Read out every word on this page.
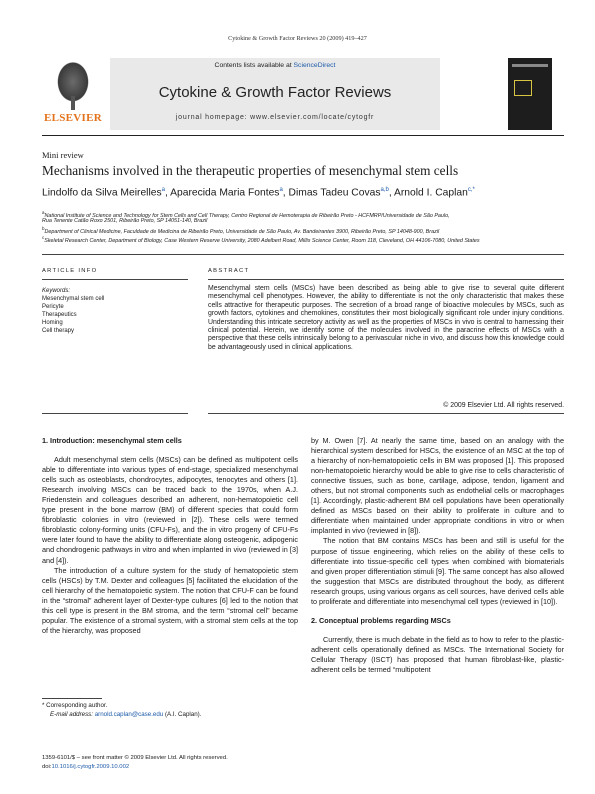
Cytokine & Growth Factor Reviews 20 (2009) 419–427
ELSEVIER
Contents lists available at ScienceDirect
Cytokine & Growth Factor Reviews
journal homepage: www.elsevier.com/locate/cytogfr
Mini review
Mechanisms involved in the therapeutic properties of mesenchymal stem cells
Lindolfo da Silva Meirelles$^a$, Aparecida Maria Fontes$^a$, Dimas Tadeu Covas$^{a,b}$, Arnold I. Caplan$^{c,*}$
$^a$National Institute of Science and Technology for Stem Cells and Cell Therapy, Centro Regional de Hemoterapia de Ribeirão Preto - HCFMRP/Universidade de São Paulo,
Rua Tenente Catão Roxo 2501, Ribeirão Preto, SP 14051-140, Brazil
$^b$Department of Clinical Medicine, Faculdade de Medicina de Ribeirão Preto, Universidade de São Paulo, Av. Bandeirantes 3900, Ribeirão Preto, SP 14048-900, Brazil
$^c$Skeletal Research Center, Department of Biology, Case Western Reserve University, 2080 Adelbert Road, Millis Science Center, Room 118, Cleveland, OH 44106-7080, United States
ARTICLE INFO	ABSTRACT
Keywords:
Mesenchymal stem cell
Pericyte
Therapeutics
Homing
Cell therapy
Mesenchymal stem cells (MSCs) have been described as being able to give rise to several quite different mesenchymal cell phenotypes. However, the ability to differentiate is not the only characteristic that makes these cells attractive for therapeutic purposes. The secretion of a broad range of bioactive molecules by MSCs, such as growth factors, cytokines and chemokines, constitutes their most biologically significant role under injury conditions. Understanding this intricate secretory activity as well as the properties of MSCs in vivo is central to harnessing their clinical potential. Herein, we identify some of the molecules involved in the paracrine effects of MSCs with a perspective that these cells intrinsically belong to a perivascular niche in vivo, and discuss how this knowledge could be advantageously used in clinical applications.
© 2009 Elsevier Ltd. All rights reserved.

1. Introduction: mesenchymal stem cells

Adult mesenchymal stem cells (MSCs) can be defined as multipotent cells able to differentiate into various types of end-stage, specialized mesenchymal cells such as osteoblasts, chondrocytes, adipocytes, tenocytes and others [1]. Research involving MSCs can be traced back to the 1970s, when A.J. Friedenstein and colleagues described an adherent, non-hematopoietic cell type present in the bone marrow (BM) of different species that could form fibroblastic colonies in vitro (reviewed in [2]). These cells were termed fibroblastic colony-forming units (CFU-Fs), and the in vitro progeny of CFU-Fs were later found to have the ability to differentiate along osteogenic, adipogenic and chondrogenic pathways in vitro and when implanted in vivo (reviewed in [3] and [4]).

The introduction of a culture system for the study of hematopoietic stem cells (HSCs) by T.M. Dexter and colleagues [5] facilitated the elucidation of the cell hierarchy of the hematopoietic system. The notion that CFU-F can be found in the “stromal” adherent layer of Dexter-type cultures [6] led to the notion that this cell type is present in the BM stroma, and the term “stromal cell” became popular. The existence of a stromal system, with a stromal stem cells at the top of the hierarchy, was proposed

by M. Owen [7]. At nearly the same time, based on an analogy with the hierarchical system described for HSCs, the existence of an MSC at the top of a hierarchy of non-hematopoietic cells in BM was proposed [1]. This proposed non-hematopoietic hierarchy would be able to give rise to cells characteristic of connective tissues, such as bone, cartilage, adipose, tendon, ligament and others, but not stromal components such as endothelial cells or macrophages [1]. Accordingly, plastic-adherent BM cell populations have been operationally defined as MSCs based on their ability to proliferate in culture and to differentiate when maintained under appropriate conditions in vitro or when implanted in vivo (reviewed in [8]).

The notion that BM contains MSCs has been and still is useful for the purpose of tissue engineering, which relies on the ability of these cells to differentiate into tissue-specific cell types when combined with biomaterials and given proper differentiation stimuli [9]. The same concept has also allowed the suggestion that MSCs are distributed throughout the body, as different research groups, using various organs as cell sources, have derived cells able to proliferate and differentiate into mesenchymal cell types (reviewed in [10]).

2. Conceptual problems regarding MSCs

Currently, there is much debate in the field as to how to refer to the plastic-adherent cells operationally defined as MSCs. The International Society for Cellular Therapy (ISCT) has proposed that human fibroblast-like, plastic-adherent cells be termed “multipotent

* Corresponding author.
E-mail address: arnold.caplan@case.edu (A.I. Caplan).
1359-6101/$ – see front matter © 2009 Elsevier Ltd. All rights reserved.
doi:10.1016/j.cytogfr.2009.10.002
